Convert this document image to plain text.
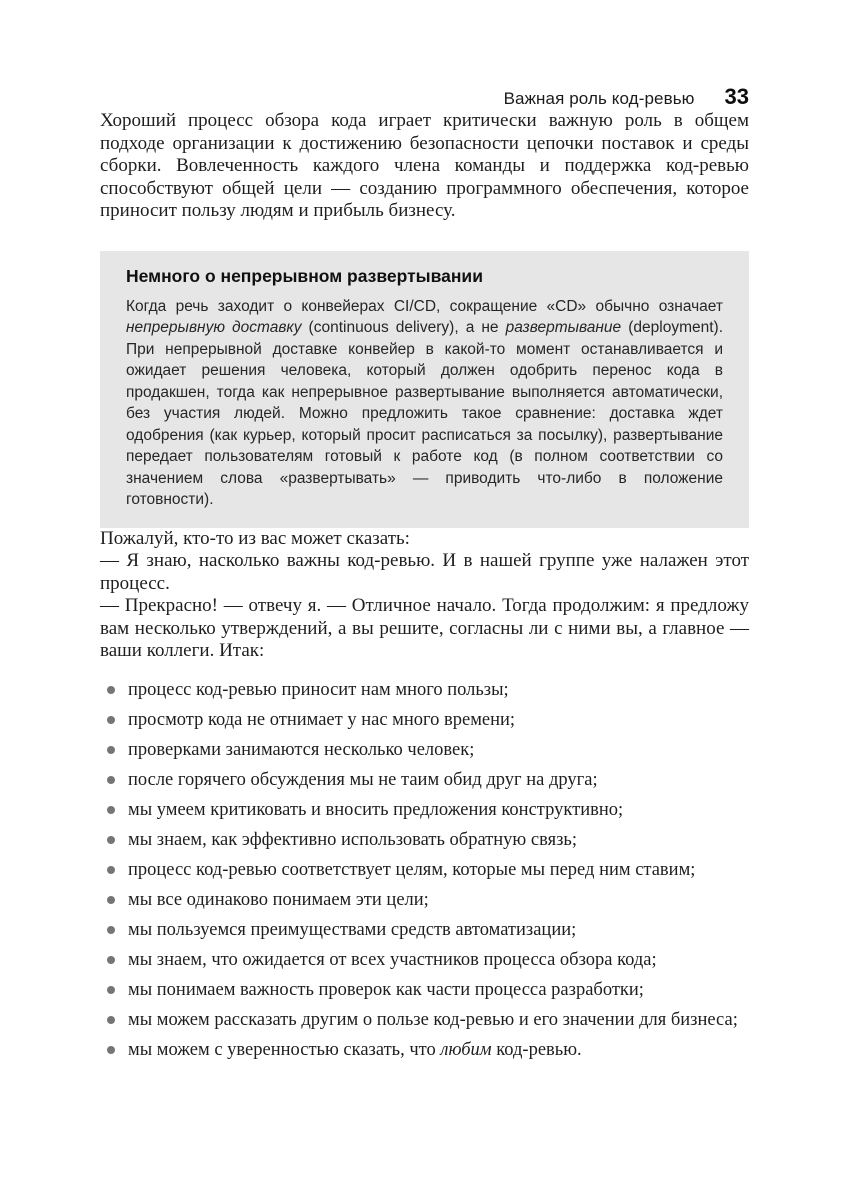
Важная роль код-ревью 33

Хороший процесс обзора кода играет критически важную роль в общем подходе организации к достижению безопасности цепочки поставок и среды сборки. Вовлеченность каждого члена команды и поддержка код-ревью способствуют общей цели — созданию программного обеспечения, которое приносит пользу людям и прибыль бизнесу.

Немного о непрерывном развертывании

Когда речь заходит о конвейерах CI/CD, сокращение «CD» обычно означает непрерывную доставку (continuous delivery), а не развертывание (deployment). При непрерывной доставке конвейер в какой-то момент останавливается и ожидает решения человека, который должен одобрить перенос кода в продакшен, тогда как непрерывное развертывание выполняется автоматически, без участия людей. Можно предложить такое сравнение: доставка ждет одобрения (как курьер, который просит расписаться за посылку), развертывание передает пользователям готовый к работе код (в полном соответствии со значением слова «развертывать» — приводить что-либо в положение готовности).

Пожалуй, кто-то из вас может сказать:

— Я знаю, насколько важны код-ревью. И в нашей группе уже налажен этот процесс.

— Прекрасно! — отвечу я. — Отличное начало. Тогда продолжим: я предложу вам несколько утверждений, а вы решите, согласны ли с ними вы, а главное — ваши коллеги. Итак:

процесс код-ревью приносит нам много пользы;
просмотр кода не отнимает у нас много времени;
проверками занимаются несколько человек;
после горячего обсуждения мы не таим обид друг на друга;
мы умеем критиковать и вносить предложения конструктивно;
мы знаем, как эффективно использовать обратную связь;
процесс код-ревью соответствует целям, которые мы перед ним ставим;
мы все одинаково понимаем эти цели;
мы пользуемся преимуществами средств автоматизации;
мы знаем, что ожидается от всех участников процесса обзора кода;
мы понимаем важность проверок как части процесса разработки;
мы можем рассказать другим о пользе код-ревью и его значении для бизнеса;
мы можем с уверенностью сказать, что любим код-ревью.
